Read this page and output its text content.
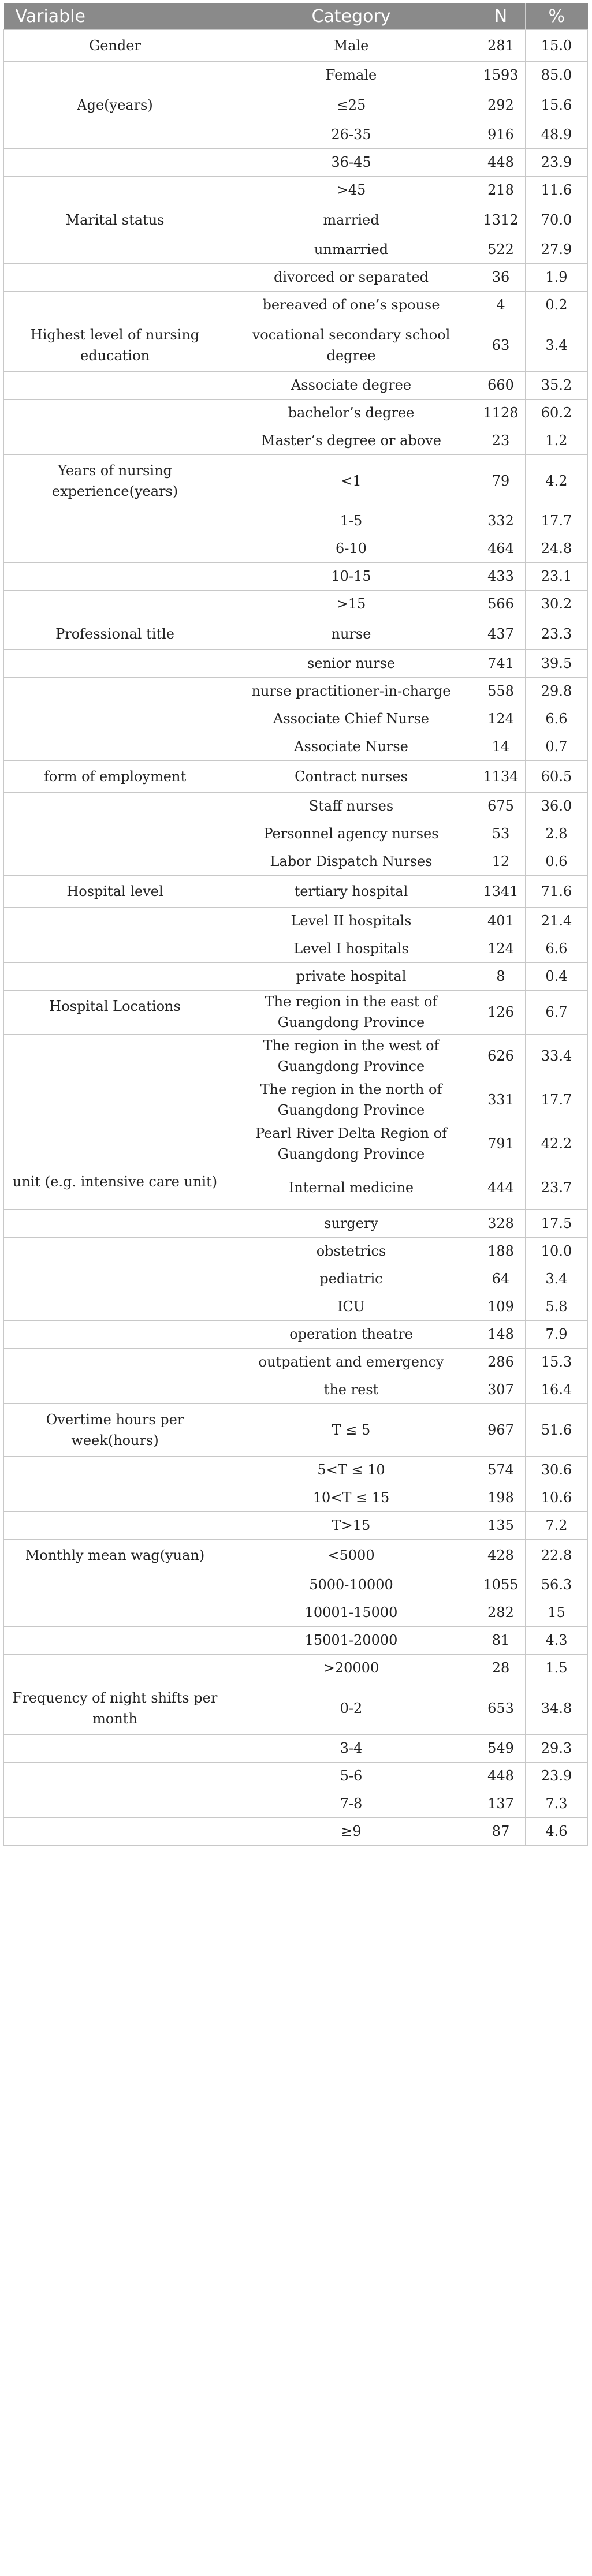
Variable	Category	N	%
Gender	Male	281	15.0
	Female	1593	85.0
Age(years)	≤25	292	15.6
	26-35	916	48.9
	36-45	448	23.9
	>45	218	11.6
Marital status	married	1312	70.0
	unmarried	522	27.9
	divorced or separated	36	1.9
	bereaved of one’s spouse	4	0.2
Highest level of nursing education	vocational secondary school degree	63	3.4
	Associate degree	660	35.2
	bachelor’s degree	1128	60.2
	Master’s degree or above	23	1.2
Years of nursing experience(years)	<1	79	4.2
	1-5	332	17.7
	6-10	464	24.8
	10-15	433	23.1
	>15	566	30.2
Professional title	nurse	437	23.3
	senior nurse	741	39.5
	nurse practitioner-in-charge	558	29.8
	Associate Chief Nurse	124	6.6
	Associate Nurse	14	0.7
form of employment	Contract nurses	1134	60.5
	Staff nurses	675	36.0
	Personnel agency nurses	53	2.8
	Labor Dispatch Nurses	12	0.6
Hospital level	tertiary hospital	1341	71.6
	Level II hospitals	401	21.4
	Level I hospitals	124	6.6
	private hospital	8	0.4
Hospital Locations	The region in the east of Guangdong Province	126	6.7
	The region in the west of Guangdong Province	626	33.4
	The region in the north of Guangdong Province	331	17.7
	Pearl River Delta Region of Guangdong Province	791	42.2
unit (e.g. intensive care unit)	Internal medicine	444	23.7
	surgery	328	17.5
	obstetrics	188	10.0
	pediatric	64	3.4
	ICU	109	5.8
	operation theatre	148	7.9
	outpatient and emergency	286	15.3
	the rest	307	16.4
Overtime hours per week(hours)	T ≤ 5	967	51.6
	5<T ≤ 10	574	30.6
	10<T ≤ 15	198	10.6
	T>15	135	7.2
Monthly mean wag(yuan)	<5000	428	22.8
	5000-10000	1055	56.3
	10001-15000	282	15
	15001-20000	81	4.3
	>20000	28	1.5
Frequency of night shifts per month	0-2	653	34.8
	3-4	549	29.3
	5-6	448	23.9
	7-8	137	7.3
	≥9	87	4.6
